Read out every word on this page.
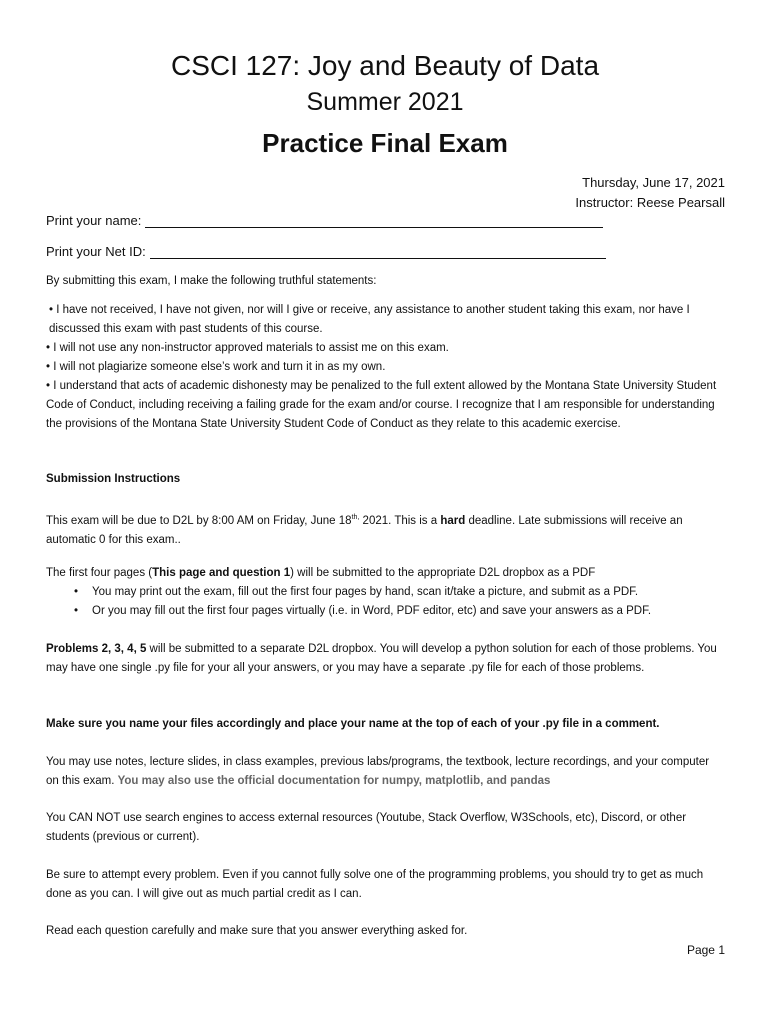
CSCI 127: Joy and Beauty of Data
Summer 2021
Practice Final Exam
Thursday, June 17, 2021
Instructor: Reese Pearsall
Print your name:
Print your Net ID:
By submitting this exam, I make the following truthful statements:
• I have not received, I have not given, nor will I give or receive, any assistance to another student taking this exam, nor have I discussed this exam with past students of this course.
• I will not use any non-instructor approved materials to assist me on this exam.
• I will not plagiarize someone else’s work and turn it in as my own.
• I understand that acts of academic dishonesty may be penalized to the full extent allowed by the Montana State University Student Code of Conduct, including receiving a failing grade for the exam and/or course. I recognize that I am responsible for understanding the provisions of the Montana State University Student Code of Conduct as they relate to this academic exercise.
Submission Instructions
This exam will be due to D2L by 8:00 AM on Friday, June $18^{th,}$ 2021. This is a hard deadline. Late submissions will receive an automatic 0 for this exam..
The first four pages (This page and question 1) will be submitted to the appropriate D2L dropbox as a PDF
•	You may print out the exam, fill out the first four pages by hand, scan it/take a picture, and submit as a PDF.
•	Or you may fill out the first four pages virtually (i.e. in Word, PDF editor, etc) and save your answers as a PDF.
Problems 2, 3, 4, 5 will be submitted to a separate D2L dropbox. You will develop a python solution for each of those problems. You may have one single .py file for your all your answers, or you may have a separate .py file for each of those problems.
Make sure you name your files accordingly and place your name at the top of each of your .py file in a comment.
You may use notes, lecture slides, in class examples, previous labs/programs, the textbook, lecture recordings, and your computer on this exam. You may also use the official documentation for numpy, matplotlib, and pandas
You CAN NOT use search engines to access external resources (Youtube, Stack Overflow, W3Schools, etc), Discord, or other students (previous or current).
Be sure to attempt every problem. Even if you cannot fully solve one of the programming problems, you should try to get as much done as you can. I will give out as much partial credit as I can.
Read each question carefully and make sure that you answer everything asked for.
Page 1
